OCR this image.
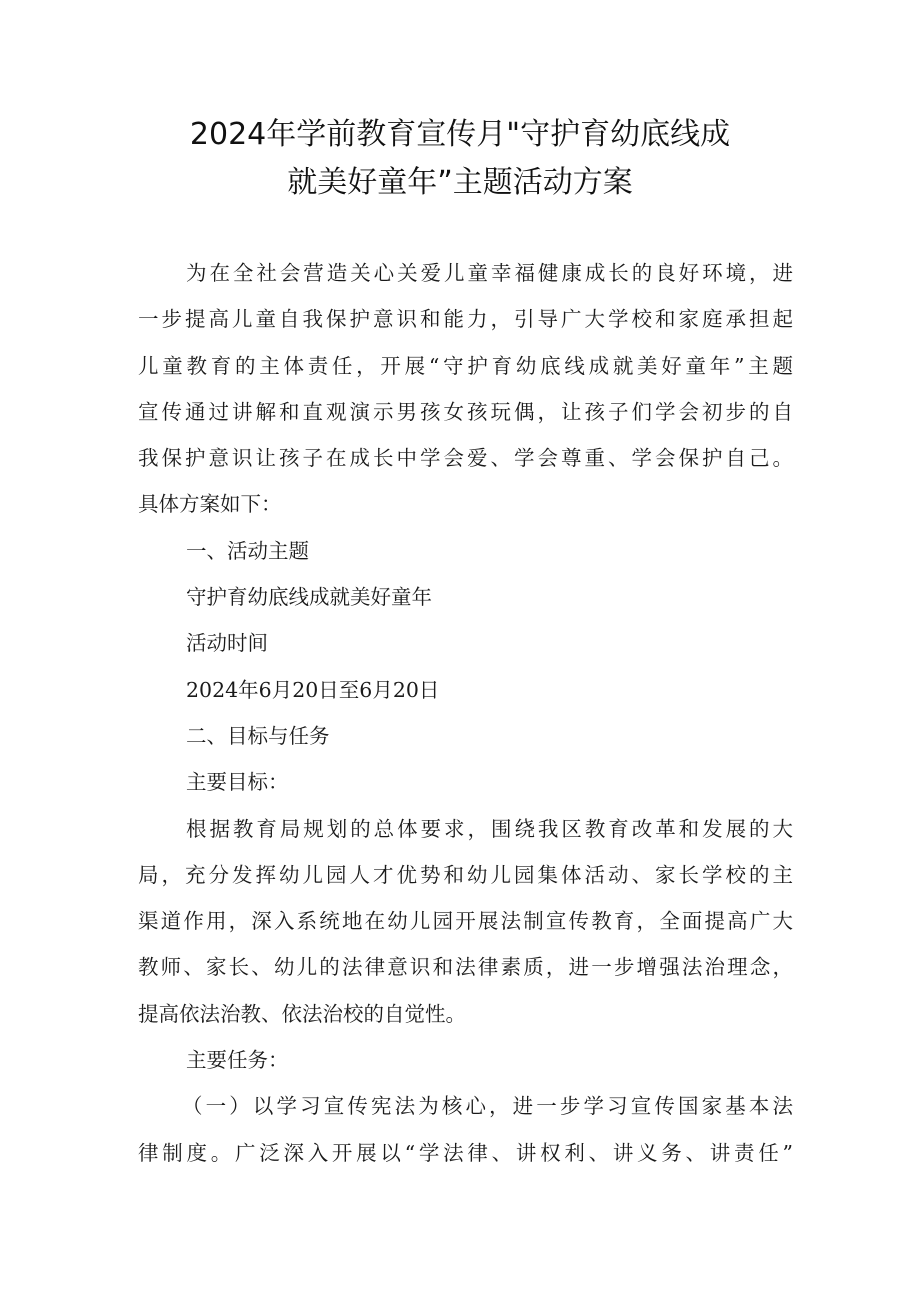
2024年学前教育宣传月"守护育幼底线成
就美好童年”主题活动方案
为在全社会营造关心关爱儿童幸福健康成长的良好环境，进
一步提高儿童自我保护意识和能力，引导广大学校和家庭承担起
儿童教育的主体责任，开展“守护育幼底线成就美好童年”主题
宣传通过讲解和直观演示男孩女孩玩偶，让孩子们学会初步的自
我保护意识让孩子在成长中学会爱、学会尊重、学会保护自己。
具体方案如下：
一、活动主题
守护育幼底线成就美好童年
活动时间
2024年6月20日至6月20日
二、目标与任务
主要目标：
根据教育局规划的总体要求，围绕我区教育改革和发展的大
局，充分发挥幼儿园人才优势和幼儿园集体活动、家长学校的主
渠道作用，深入系统地在幼儿园开展法制宣传教育，全面提高广大
教师、家长、幼儿的法律意识和法律素质，进一步增强法治理念，
提高依法治教、依法治校的自觉性。
主要任务：
（一）以学习宣传宪法为核心，进一步学习宣传国家基本法
律制度。广泛深入开展以“学法律、讲权利、讲义务、讲责任”
